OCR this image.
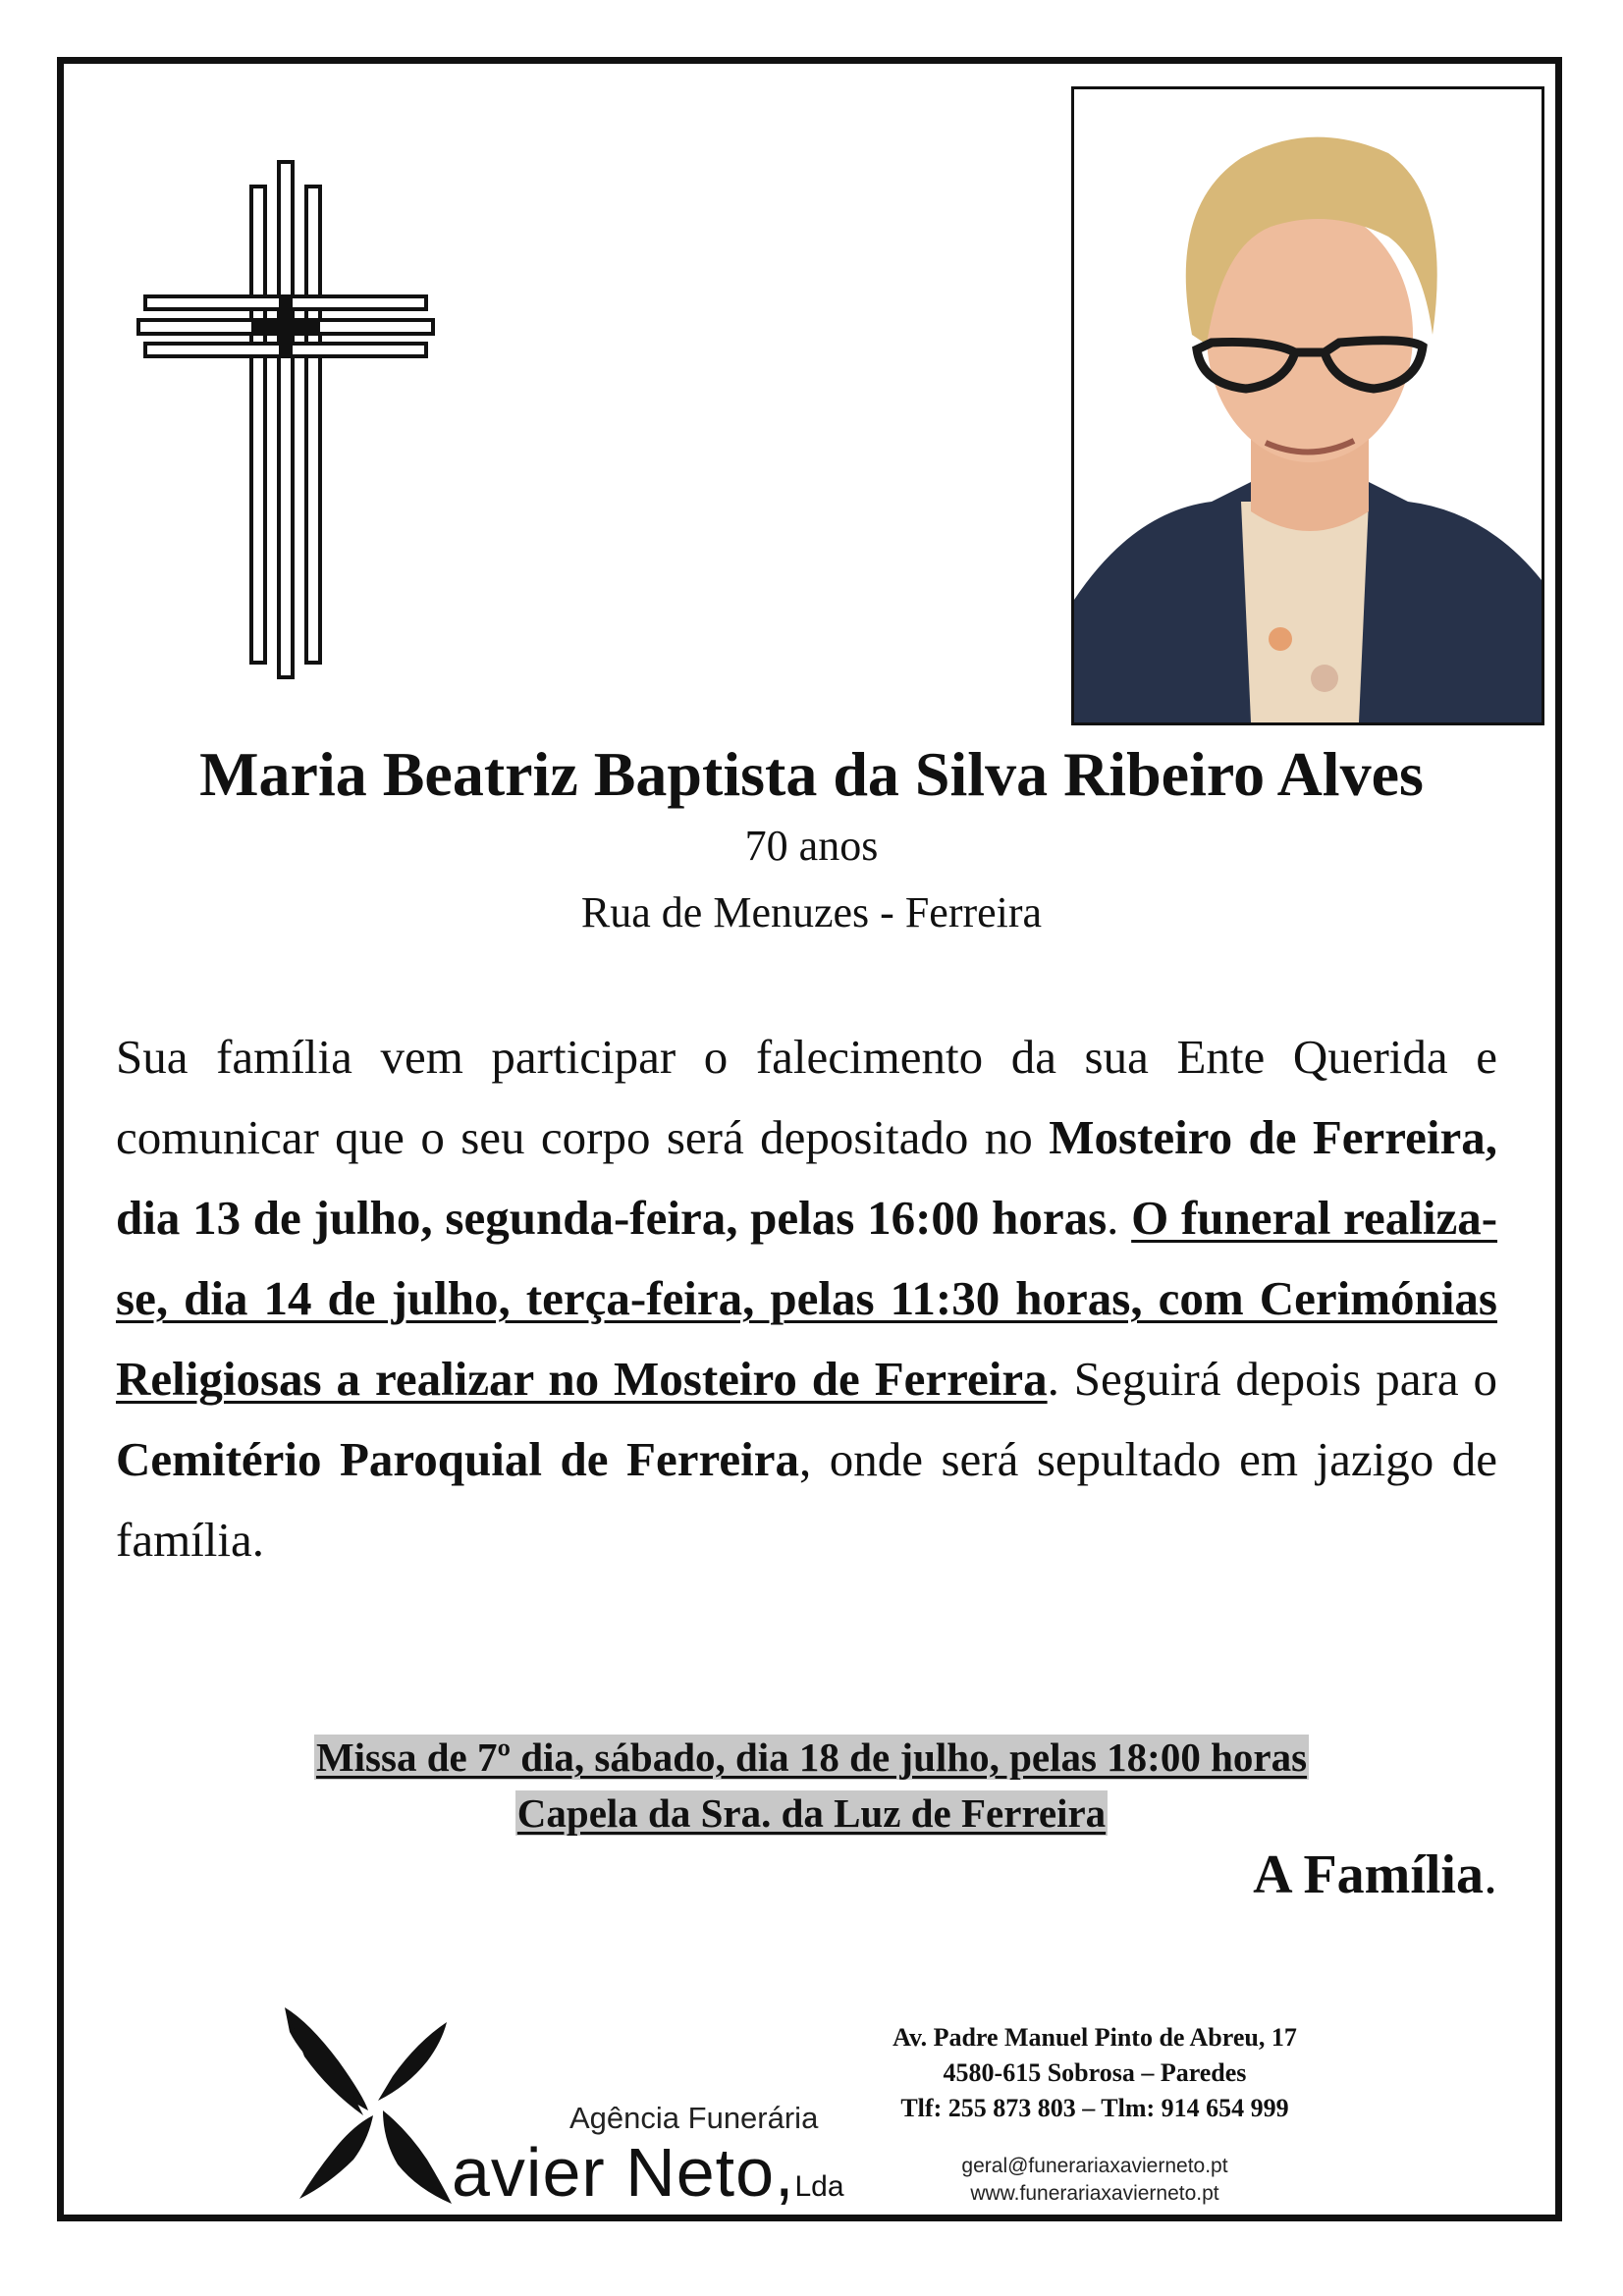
Maria Beatriz Baptista da Silva Ribeiro Alves
70 anos
Rua de Menuzes - Ferreira
Sua família vem participar o falecimento da sua Ente Querida e comunicar que o seu corpo será depositado no Mosteiro de Ferreira, dia 13 de julho, segunda-feira, pelas 16:00 horas. O funeral realiza-se, dia 14 de julho, terça-feira, pelas 11:30 horas, com Cerimónias Religiosas a realizar no Mosteiro de Ferreira. Seguirá depois para o Cemitério Paroquial de Ferreira, onde será sepultado em jazigo de família.
Missa de 7º dia, sábado, dia 18 de julho, pelas 18:00 horas
Capela da Sra. da Luz de Ferreira
A Família.
Agência Funerária
avier Neto,Lda
Av. Padre Manuel Pinto de Abreu, 17
4580-615 Sobrosa – Paredes
Tlf: 255 873 803 – Tlm: 914 654 999
geral@funerariaxavierneto.pt
www.funerariaxavierneto.pt
